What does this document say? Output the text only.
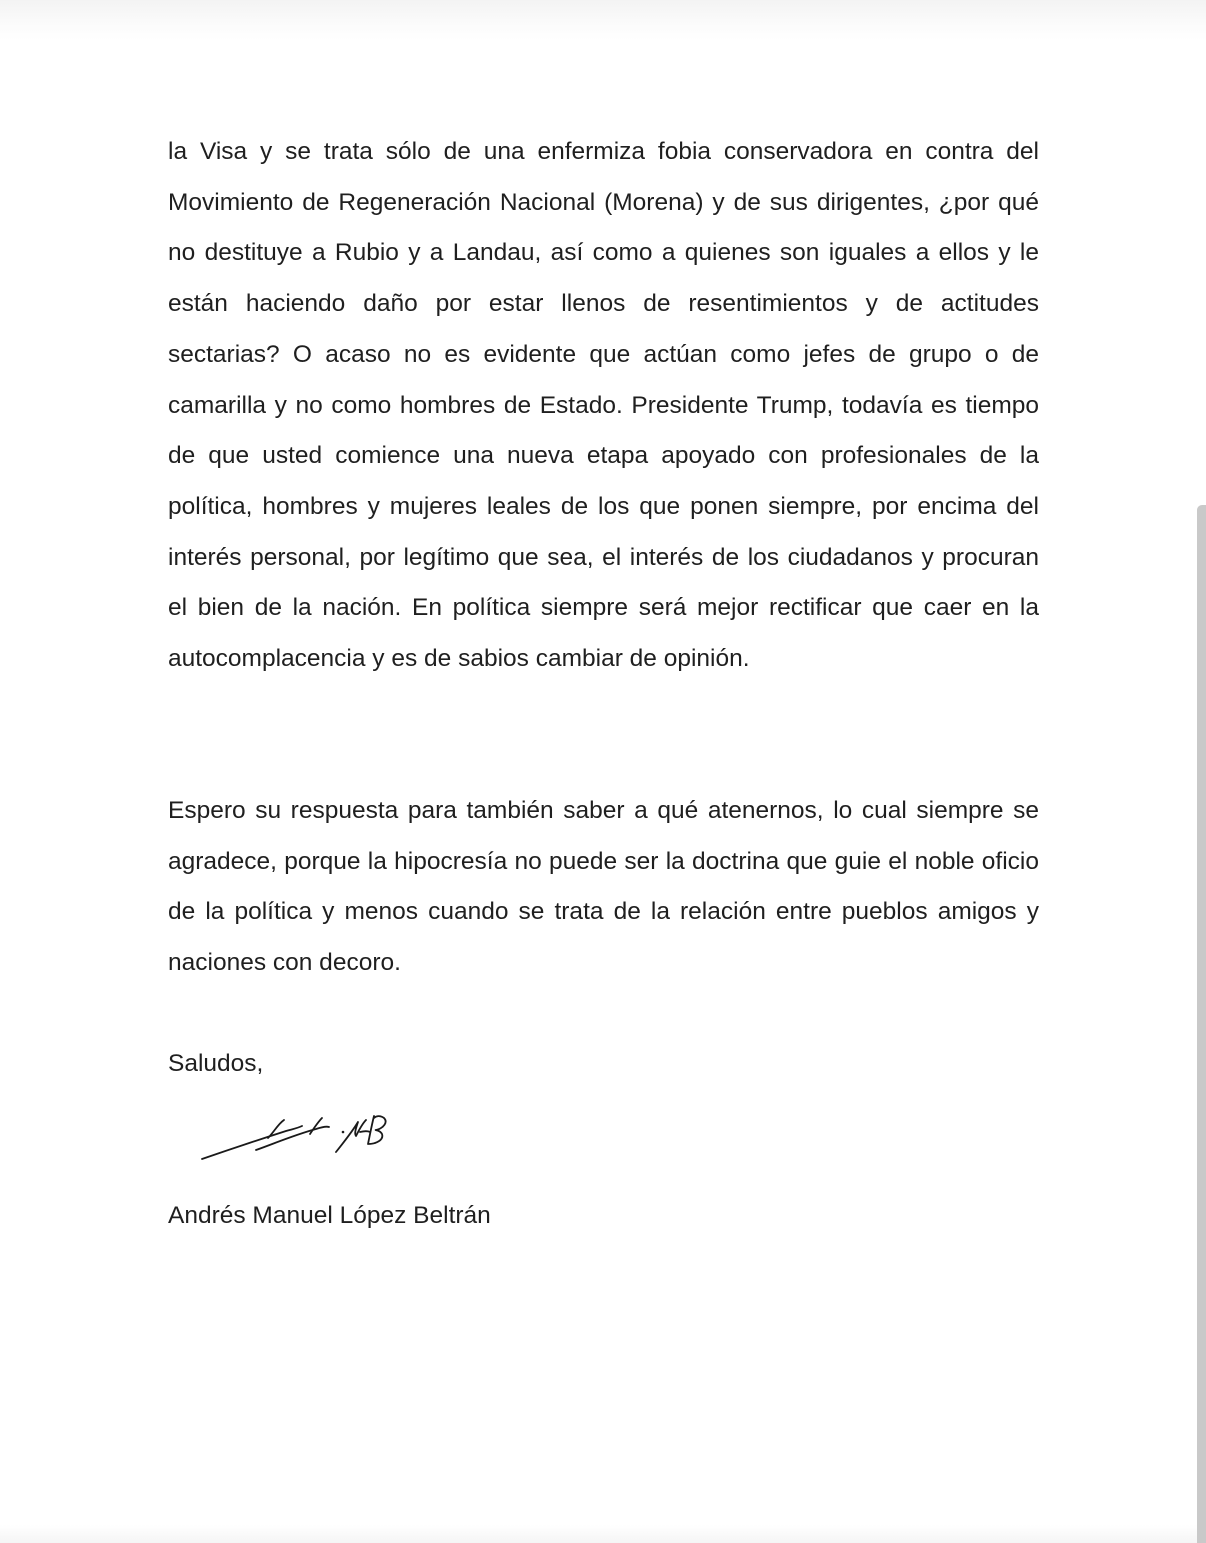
la Visa y se trata sólo de una enfermiza fobia conservadora en contra del Movimiento de Regeneración Nacional (Morena) y de sus dirigentes, ¿por qué no destituye a Rubio y a Landau, así como a quienes son iguales a ellos y le están haciendo daño por estar llenos de resentimientos y de actitudes sectarias? O acaso no es evidente que actúan como jefes de grupo o de camarilla y no como hombres de Estado. Presidente Trump, todavía es tiempo de que usted comience una nueva etapa apoyado con profesionales de la política, hombres y mujeres leales de los que ponen siempre, por encima del interés personal, por legítimo que sea, el interés de los ciudadanos y procuran el bien de la nación. En política siempre será mejor rectificar que caer en la autocomplacencia y es de sabios cambiar de opinión.

Espero su respuesta para también saber a qué atenernos, lo cual siempre se agradece, porque la hipocresía no puede ser la doctrina que guie el noble oficio de la política y menos cuando se trata de la relación entre pueblos amigos y naciones con decoro.

Saludos,

Andrés Manuel López Beltrán
